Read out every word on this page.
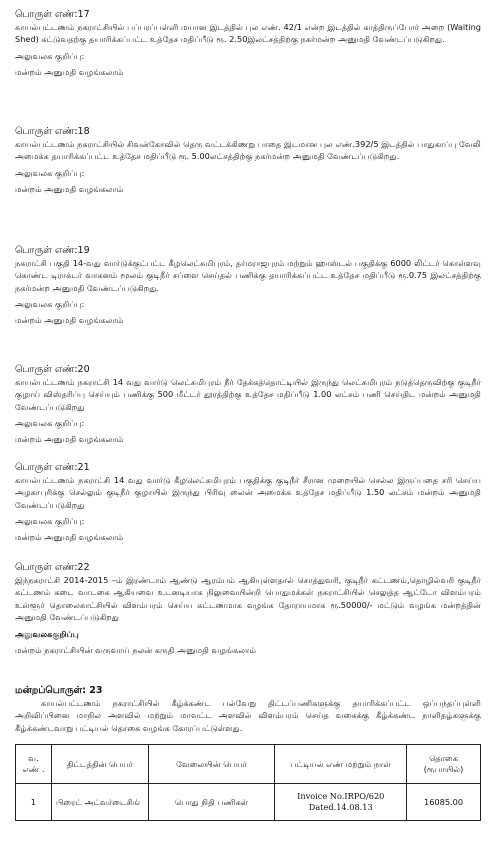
பொருள் எண்:17

காயல்பட்டணம் நகராட்சியில் பப்பரப்பள்ளி மயான இடத்தில் புல எண். 42/1 என்ற இடத்தில் காத்திருப்போர் அறை (Waiting Shed) கட்டுவதற்கு தயாரிக்கப்பட்ட உத்தேச மதிப்பீடு ரூ. 2.50இலட்சத்திற்கு நகர்மன்ற அனுமதி வேண்டப்படுகிறது.

அலுவலக குறிப்பு:
மன்றம் அனுமதி வழங்கலாம்
பொருள் எண்:18

காயல்பட்டணம் நகராட்சியில் சிவன்கோவில் தெரு வட்டக்கிணறு பாதை இடமான புல எண்.392/5 இடத்தில் பாதுகாப்பு வேலி அமைக்க தயாரிக்கப்பட்ட உத்தேச மதிப்பீடு ரூ. 5.00லட்சத்திற்கு நகர்மன்ற அனுமதி வேண்டப்படுகிறது.

அலுவலக குறிப்பு:
மன்றம் அனுமதி வழங்கலாம்
பொருள் எண்:19

நகராட்சி பகுதி 14-வது வார்டுக்குட்பட்ட கீழலெட்சுமிபுரம், தர்மராஜபுரம் மற்றும் ஹாஸ்டல் பகுதிக்கு 6000 லிட்டர் கொள்ளவு கொண்ட டிராக்டர் வாகனம் மூலம் குடிநீர் சப்ளை செய்தல் பணிக்கு தயாரிக்கப்பட்ட உத்தேச மதிப்பீடு ரூ.0.75 இலட்சத்திற்கு நகர்மன்ற அனுமதி வேண்டப்படுகிறது.

அலுவலக குறிப்பு:
மன்றம் அனுமதி வழங்கலாம்
பொருள் எண்:20

காயல்பட்டணம் நகராட்சி 14 வது வார்டு லெட்சுமிபுரம் நீர் தேக்கத்தொட்டியில் இருந்து லெட்சுமிபுரம் நடுத்தெருவிற்கு குடிநீர் குழாய் விஸ்தரிப்பு செய்யும் பணிக்கு 500 மீட்டர் தூரத்திற்கு உத்தேச மதிப்பீடு 1.00 லட்சம் பணி செய்திட மன்றம் அனுமதி வேண்டப்படுகிறது

அலுவலக குறிப்பு:
மன்றம் அனுமதி வழங்கலாம்
பொருள் எண்:21

காயல்பட்டணம் நகராட்சி 14 வது வார்டு கீழலெட்சுமிபுரம் பகுதிக்கு குடிநீர் சீரான முறையில் செல்ல இருப்பதை சரி செய்ய அழகாபுரிக்கு செல்லும் குடிநீர் குழாயில் இருந்து பிரிவு லைன் அமைக்க உத்தேச மதிப்பீடு 1.50 லட்சம் மன்றம் அனுமதி வேண்டப்படுகிறது

அலுவலக குறிப்பு:
மன்றம் அனுமதி வழங்கலாம்
பொருள் எண்:22

இந்நகராட்சி 2014-2015 –ம் இரண்டாம் ஆண்டு ஆரம்பம் ஆகியுள்ளதால் சொத்துவரி, குடிநீர் கட்டணம்,தொழில்வரி குடிநீர் கட்டணம் கடை வாடகை ஆகியவை உடனடியாக நிலுவையின்றி பொதுமக்கள் நகராட்சியில் செலுத்த ஆட்டோ விளம்பரம் உள்ளூர் தொலைகாட்சியில் விளம்பரம் செய்ய கட்டணமாக வழங்க தோராயமாக ரூ.50000/- மட்டும் வழங்க மன்றத்தின் அனுமதி வேண்டப்படுகிறது

அலுவலககுறிப்பு
மன்றம் நகராட்சியின் வருவாய் நலன் கருதி அனுமதி வழங்கலாம்
மன்றப்பொருள்: 23

காயல்பட்டணம் நகராட்சியில் கீழ்க்கண்ட பல்வேறு திட்டப்பணிகளுக்கு தயாரிக்கப்பட்ட ஒப்பந்தப்புள்ளி அறிவிப்பினை மாநில அளவில் மற்றும் மாவட்ட அளவில் விளம்பரம் செய்த வகைக்கு கீழ்க்கண்ட நாளிதழ்களுக்கு கீழ்க்கண்டவாறு பட்டியல் தொகை வழங்க கோரப்பட்டுள்ளது.

வ. எண் .	திட்டத்தின் பெயர்	வேலையின் பெயர்	பட்டியல் எண் மற்றும் நாள்	தொகை (ரூபாயில்)
1	பிரைட் அட்வர்டைசிங்	பொது நிதி பணிகள்	Invoice No.IRPO/620
Dated.14.08.13	16085.00
